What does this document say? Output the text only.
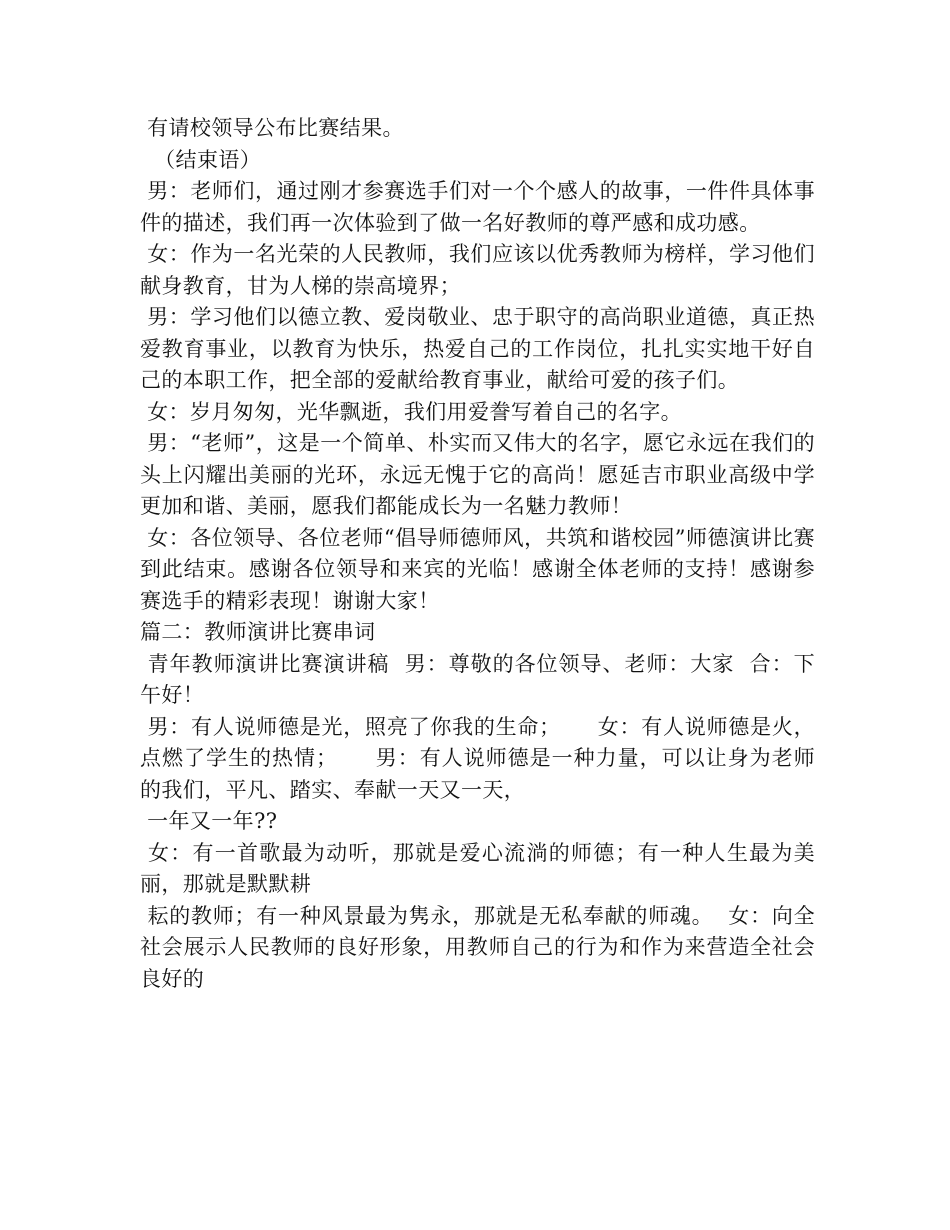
有请校领导公布比赛结果。

（结束语）

男：老师们，通过刚才参赛选手们对一个个感人的故事，一件件具体事件的描述，我们再一次体验到了做一名好教师的尊严感和成功感。

女：作为一名光荣的人民教师，我们应该以优秀教师为榜样，学习他们献身教育，甘为人梯的崇高境界；

男：学习他们以德立教、爱岗敬业、忠于职守的高尚职业道德，真正热爱教育事业，以教育为快乐，热爱自己的工作岗位，扎扎实实地干好自己的本职工作，把全部的爱献给教育事业，献给可爱的孩子们。

女：岁月匆匆，光华飘逝，我们用爱誊写着自己的名字。

男：“老师”，这是一个简单、朴实而又伟大的名字，愿它永远在我们的头上闪耀出美丽的光环，永远无愧于它的高尚！愿延吉市职业高级中学更加和谐、美丽，愿我们都能成长为一名魅力教师！

女：各位领导、各位老师“倡导师德师风，共筑和谐校园”师德演讲比赛到此结束。感谢各位领导和来宾的光临！感谢全体老师的支持！感谢参赛选手的精彩表现！谢谢大家！

篇二：教师演讲比赛串词

青年教师演讲比赛演讲稿  男：尊敬的各位领导、老师：大家  合：下午好！

男：有人说师德是光，照亮了你我的生命；     女：有人说师德是火，点燃了学生的热情；     男：有人说师德是一种力量，可以让身为老师的我们，平凡、踏实、奉献一天又一天，

一年又一年??

女：有一首歌最为动听，那就是爱心流淌的师德；有一种人生最为美丽，那就是默默耕

耘的教师；有一种风景最为隽永，那就是无私奉献的师魂。  女：向全社会展示人民教师的良好形象，用教师自己的行为和作为来营造全社会良好的
